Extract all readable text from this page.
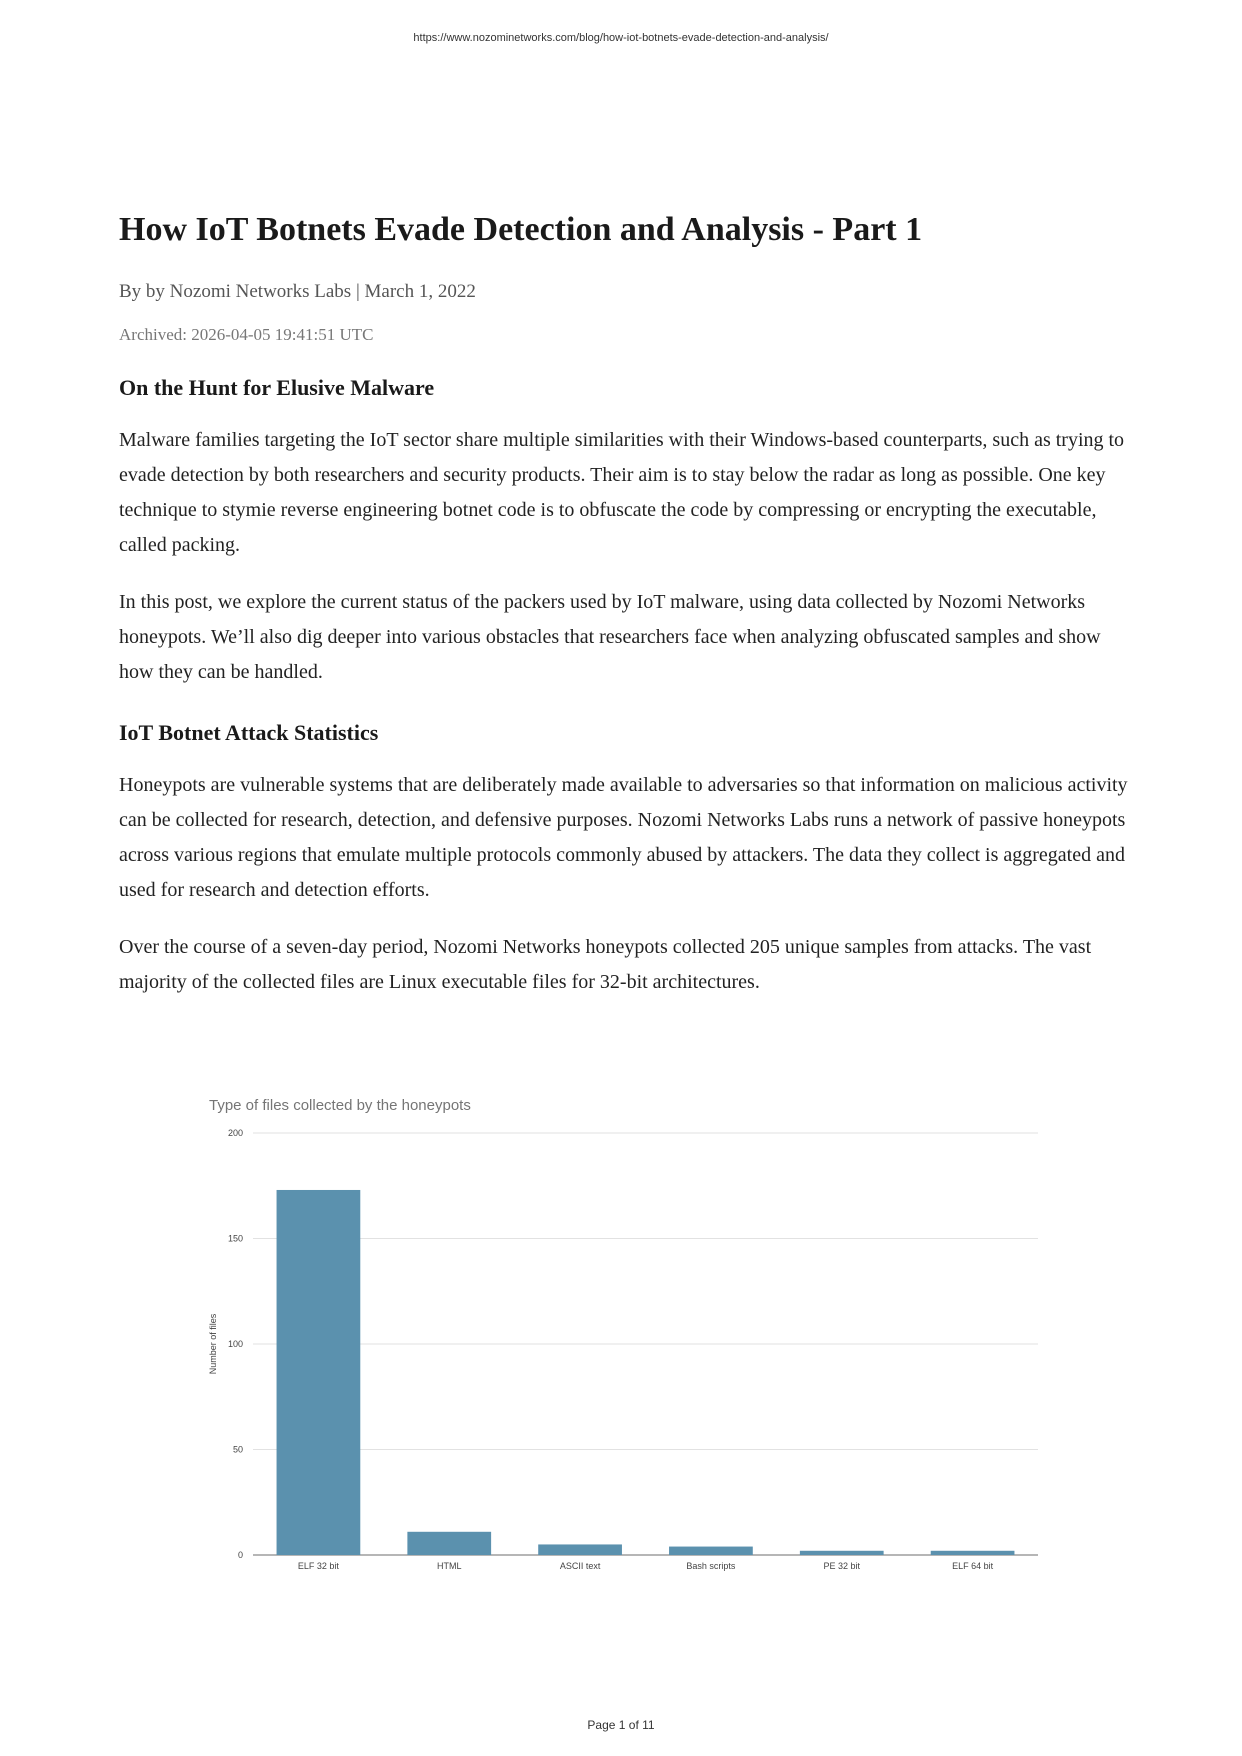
https://www.nozominetworks.com/blog/how-iot-botnets-evade-detection-and-analysis/
How IoT Botnets Evade Detection and Analysis - Part 1
By by Nozomi Networks Labs | March 1, 2022
Archived: 2026-04-05 19:41:51 UTC
On the Hunt for Elusive Malware

Malware families targeting the IoT sector share multiple similarities with their Windows-based counterparts, such as trying to evade detection by both researchers and security products. Their aim is to stay below the radar as long as possible. One key technique to stymie reverse engineering botnet code is to obfuscate the code by compressing or encrypting the executable, called packing.

In this post, we explore the current status of the packers used by IoT malware, using data collected by Nozomi Networks honeypots. We’ll also dig deeper into various obstacles that researchers face when analyzing obfuscated samples and show how they can be handled.

IoT Botnet Attack Statistics

Honeypots are vulnerable systems that are deliberately made available to adversaries so that information on malicious activity can be collected for research, detection, and defensive purposes. Nozomi Networks Labs runs a network of passive honeypots across various regions that emulate multiple protocols commonly abused by attackers. The data they collect is aggregated and used for research and detection efforts.

Over the course of a seven-day period, Nozomi Networks honeypots collected 205 unique samples from attacks. The vast majority of the collected files are Linux executable files for 32-bit architectures.

Type of files collected by the honeypots
Number of files
0
50
100
150
200
ELF 32 bit	HTML	ASCII text	Bash scripts	PE 32 bit	ELF 64 bit
Page 1 of 11
